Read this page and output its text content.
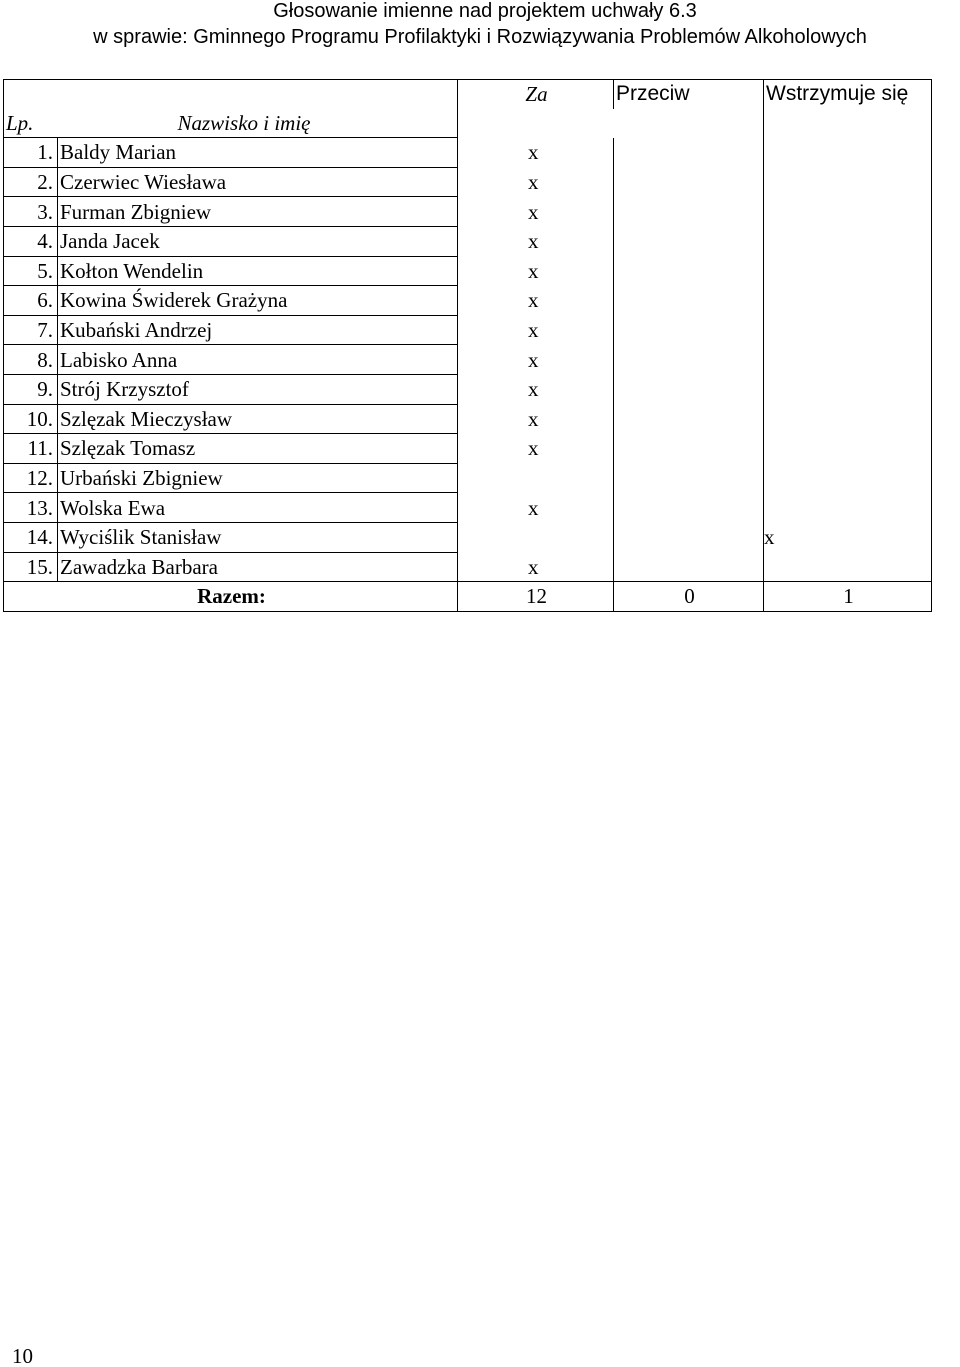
Głosowanie imienne nad projektem uchwały 6.3
w sprawie: Gminnego Programu Profilaktyki i Rozwiązywania Problemów Alkoholowych
		Za	Przeciw	Wstrzymuje się
Lp.	Nazwisko i imię			
1.	Baldy Marian	x		
2.	Czerwiec Wiesława	x		
3.	Furman Zbigniew	x		
4.	Janda Jacek	x		
5.	Kołton Wendelin	x		
6.	Kowina Świderek Grażyna	x		
7.	Kubański Andrzej	x		
8.	Labisko Anna	x		
9.	Strój Krzysztof	x		
10.	Szlęzak Mieczysław	x		
11.	Szlęzak Tomasz	x		
12.	Urbański Zbigniew			
13.	Wolska Ewa	x		
14.	Wyciślik Stanisław			x
15.	Zawadzka Barbara	x		
Razem:		12	0	1
10
